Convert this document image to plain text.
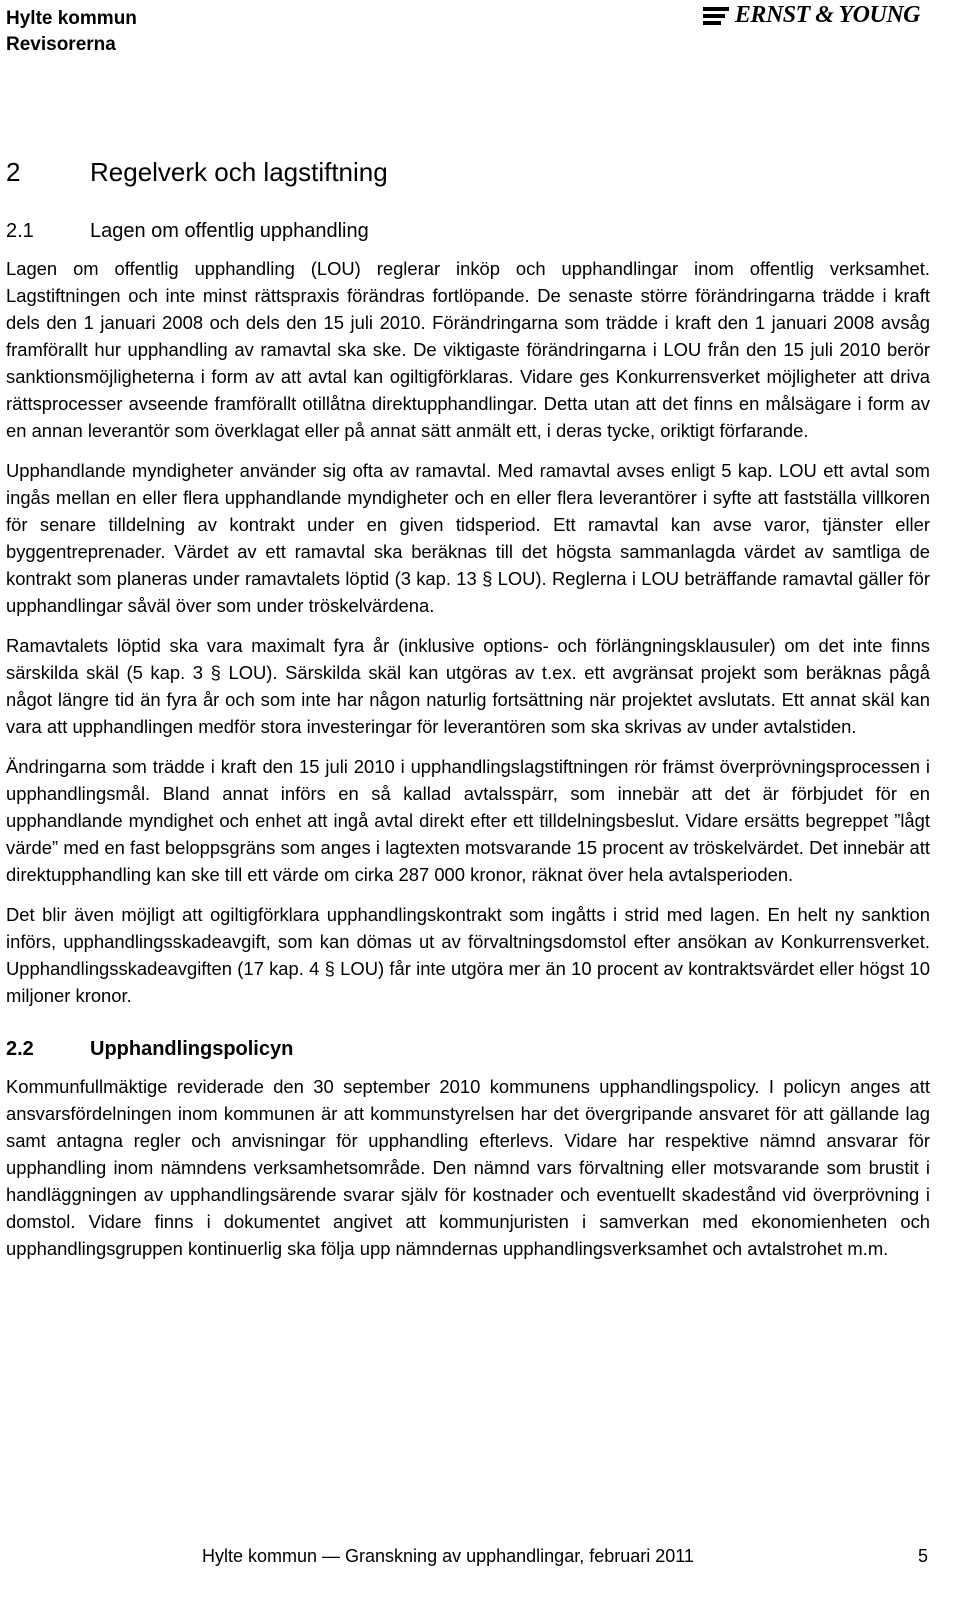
Hylte kommun
Revisorerna
ERNST & YOUNG
2	Regelverk och lagstiftning
2.1	Lagen om offentlig upphandling

Lagen om offentlig upphandling (LOU) reglerar inköp och upphandlingar inom offentlig verksamhet. Lagstiftningen och inte minst rättspraxis förändras fortlöpande. De senaste större förändringarna trädde i kraft dels den 1 januari 2008 och dels den 15 juli 2010. Förändringarna som trädde i kraft den 1 januari 2008 avsåg framförallt hur upphandling av ramavtal ska ske. De viktigaste förändringarna i LOU från den 15 juli 2010 berör sanktionsmöjligheterna i form av att avtal kan ogiltigförklaras. Vidare ges Konkurrensverket möjligheter att driva rättsprocesser avseende framförallt otillåtna direktupphandlingar. Detta utan att det finns en målsägare i form av en annan leverantör som överklagat eller på annat sätt anmält ett, i deras tycke, oriktigt förfarande.

Upphandlande myndigheter använder sig ofta av ramavtal. Med ramavtal avses enligt 5 kap. LOU ett avtal som ingås mellan en eller flera upphandlande myndigheter och en eller flera leverantörer i syfte att fastställa villkoren för senare tilldelning av kontrakt under en given tidsperiod. Ett ramavtal kan avse varor, tjänster eller byggentreprenader. Värdet av ett ramavtal ska beräknas till det högsta sammanlagda värdet av samtliga de kontrakt som planeras under ramavtalets löptid (3 kap. 13 § LOU). Reglerna i LOU beträffande ramavtal gäller för upphandlingar såväl över som under tröskelvärdena.

Ramavtalets löptid ska vara maximalt fyra år (inklusive options- och förlängningsklausuler) om det inte finns särskilda skäl (5 kap. 3 § LOU). Särskilda skäl kan utgöras av t.ex. ett avgränsat projekt som beräknas pågå något längre tid än fyra år och som inte har någon naturlig fortsättning när projektet avslutats. Ett annat skäl kan vara att upphandlingen medför stora investeringar för leverantören som ska skrivas av under avtalstiden.

Ändringarna som trädde i kraft den 15 juli 2010 i upphandlingslagstiftningen rör främst överprövningsprocessen i upphandlingsmål. Bland annat införs en så kallad avtalsspärr, som innebär att det är förbjudet för en upphandlande myndighet och enhet att ingå avtal direkt efter ett tilldelningsbeslut. Vidare ersätts begreppet ”lågt värde” med en fast beloppsgräns som anges i lagtexten motsvarande 15 procent av tröskelvärdet. Det innebär att direktupphandling kan ske till ett värde om cirka 287 000 kronor, räknat över hela avtalsperioden.

Det blir även möjligt att ogiltigförklara upphandlingskontrakt som ingåtts i strid med lagen. En helt ny sanktion införs, upphandlingsskadeavgift, som kan dömas ut av förvaltningsdomstol efter ansökan av Konkurrensverket. Upphandlingsskadeavgiften (17 kap. 4 § LOU) får inte utgöra mer än 10 procent av kontraktsvärdet eller högst 10 miljoner kronor.

2.2	Upphandlingspolicyn

Kommunfullmäktige reviderade den 30 september 2010 kommunens upphandlingspolicy. I policyn anges att ansvarsfördelningen inom kommunen är att kommunstyrelsen har det övergripande ansvaret för att gällande lag samt antagna regler och anvisningar för upphandling efterlevs. Vidare har respektive nämnd ansvarar för upphandling inom nämndens verksamhetsområde. Den nämnd vars förvaltning eller motsvarande som brustit i handläggningen av upphandlingsärende svarar själv för kostnader och eventuellt skadestånd vid överprövning i domstol. Vidare finns i dokumentet angivet att kommunjuristen i samverkan med ekonomienheten och upphandlingsgruppen kontinuerlig ska följa upp nämndernas upphandlingsverksamhet och avtalstrohet m.m.

Hylte kommun — Granskning av upphandlingar, februari 2011	5
